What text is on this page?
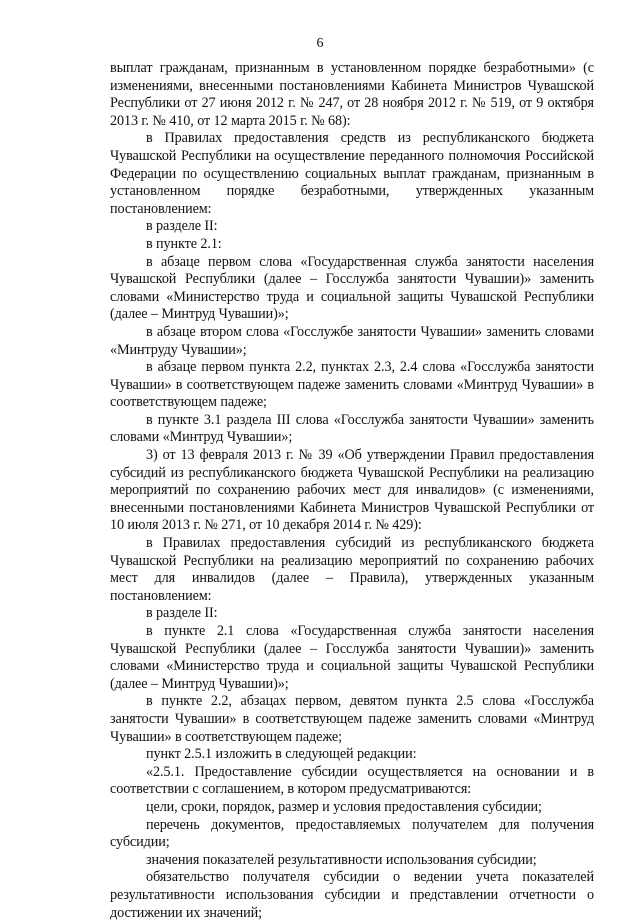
6

выплат гражданам, признанным в установленном порядке безработными» (с изменениями, внесенными постановлениями Кабинета Министров Чувашской Республики от 27 июня 2012 г. № 247, от 28 ноября 2012 г. № 519, от 9 октября 2013 г. № 410, от 12 марта 2015 г. № 68):

в Правилах предоставления средств из республиканского бюджета Чувашской Республики на осуществление переданного полномочия Российской Федерации по осуществлению социальных выплат гражданам, признанным в установленном порядке безработными, утвержденных указанным постановлением:

в разделе II:

в пункте 2.1:

в абзаце первом слова «Государственная служба занятости населения Чувашской Республики (далее – Госслужба занятости Чувашии)» заменить словами «Министерство труда и социальной защиты Чувашской Республики (далее – Минтруд Чувашии)»;

в абзаце втором слова «Госслужбе занятости Чувашии» заменить словами «Минтруду Чувашии»;

в абзаце первом пункта 2.2, пунктах 2.3, 2.4 слова «Госслужба занятости Чувашии» в соответствующем падеже заменить словами «Минтруд Чувашии» в соответствующем падеже;

в пункте 3.1 раздела III слова «Госслужба занятости Чувашии» заменить словами «Минтруд Чувашии»;

3) от 13 февраля 2013 г. № 39 «Об утверждении Правил предоставления субсидий из республиканского бюджета Чувашской Республики на реализацию мероприятий по сохранению рабочих мест для инвалидов» (с изменениями, внесенными постановлениями Кабинета Министров Чувашской Республики от 10 июля 2013 г. № 271, от 10 декабря 2014 г. № 429):

в Правилах предоставления субсидий из республиканского бюджета Чувашской Республики на реализацию мероприятий по сохранению рабочих мест для инвалидов (далее – Правила), утвержденных указанным постановлением:

в разделе II:

в пункте 2.1 слова «Государственная служба занятости населения Чувашской Республики (далее – Госслужба занятости Чувашии)» заменить словами «Министерство труда и социальной защиты Чувашской Республики (далее – Минтруд Чувашии)»;

в пункте 2.2, абзацах первом, девятом пункта 2.5 слова «Госслужба занятости Чувашии» в соответствующем падеже заменить словами «Минтруд Чувашии» в соответствующем падеже;

пункт 2.5.1 изложить в следующей редакции:

«2.5.1. Предоставление субсидии осуществляется на основании и в соответствии с соглашением, в котором предусматриваются:

цели, сроки, порядок, размер и условия предоставления субсидии;

перечень документов, предоставляемых получателем для получения субсидии;

значения показателей результативности использования субсидии;

обязательство получателя субсидии о ведении учета показателей результативности использования субсидии и представлении отчетности о достижении их значений;
